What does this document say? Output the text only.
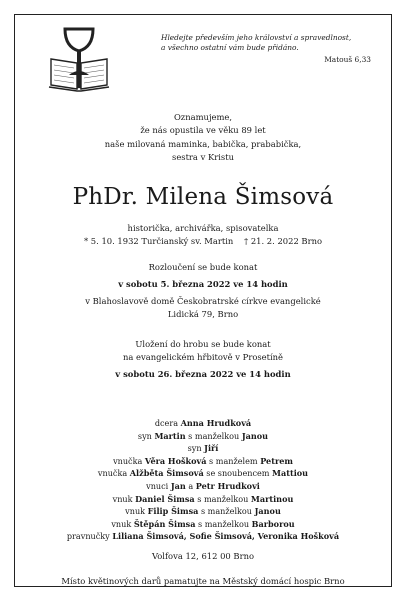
Hledejte především jeho království a spravedlnost,
a všechno ostatní vám bude přidáno.
Matouš 6,33
Oznamujeme,
že nás opustila ve věku 89 let
naše milovaná maminka, babička, prababička,
sestra v Kristu
PhDr. Milena Šimsová
historička, archivářka, spisovatelka
* 5. 10. 1932 Turčianský sv. Martin † 21. 2. 2022 Brno
Rozloučení se bude konat
v sobotu 5. března 2022 ve 14 hodin
v Blahoslavově domě Českobratrské církve evangelické
Lidická 79, Brno
Uložení do hrobu se bude konat
na evangelickém hřbitově v Prosetíně
v sobotu 26. března 2022 ve 14 hodin
dcera Anna Hrudková
syn Martin s manželkou Janou
syn Jiří
vnučka Věra Hošková s manželem Petrem
vnučka Alžběta Šimsová se snoubencem Mattiou
vnuci Jan a Petr Hrudkovi
vnuk Daniel Šimsa s manželkou Martinou
vnuk Filip Šimsa s manželkou Janou
vnuk Štěpán Šimsa s manželkou Barborou
pravnučky Liliana Šimsová, Sofie Šimsová, Veronika Hošková
Volfova 12, 612 00 Brno
Místo květinových darů pamatujte na Městský domácí hospic Brno
